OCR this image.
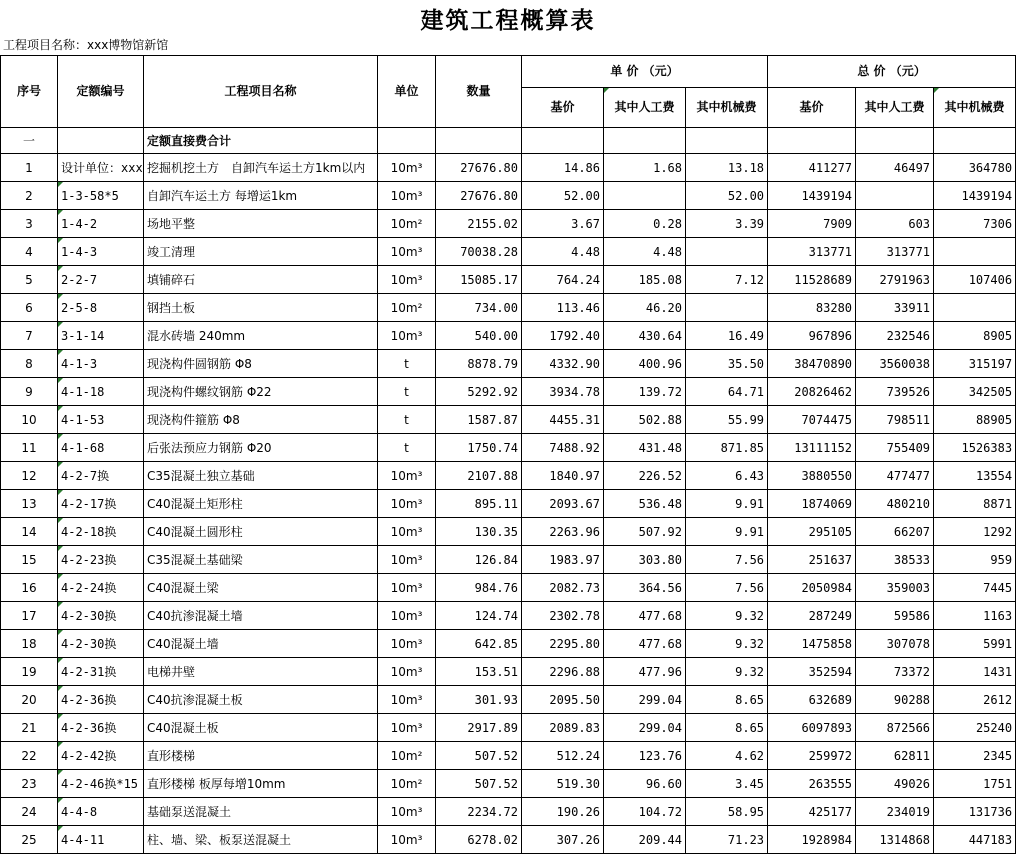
建筑工程概算表
工程项目名称：xxx博物馆新馆
序号	定额编号	工程项目名称	单位	数量	单 价 （元）			总 价 （元）		
					基价	其中人工费	其中机械费	基价	其中人工费	其中机械费
一		定额直接费合计								
1	设计单位：xxx	挖掘机挖土方　自卸汽车运土方1km以内	10m³	27676.80	14.86	1.68	13.18	411277	46497	364780
2	1-3-58*5	自卸汽车运土方 每增运1km	10m³	27676.80	52.00		52.00	1439194		1439194
3	1-4-2	场地平整	10m²	2155.02	3.67	0.28	3.39	7909	603	7306
4	1-4-3	竣工清理	10m³	70038.28	4.48	4.48		313771	313771	
5	2-2-7	填铺碎石	10m³	15085.17	764.24	185.08	7.12	11528689	2791963	107406
6	2-5-8	钢挡土板	10m²	734.00	113.46	46.20		83280	33911	
7	3-1-14	混水砖墙 240mm	10m³	540.00	1792.40	430.64	16.49	967896	232546	8905
8	4-1-3	现浇构件圆钢筋 Φ8	t	8878.79	4332.90	400.96	35.50	38470890	3560038	315197
9	4-1-18	现浇构件螺纹钢筋 Φ22	t	5292.92	3934.78	139.72	64.71	20826462	739526	342505
10	4-1-53	现浇构件箍筋 Φ8	t	1587.87	4455.31	502.88	55.99	7074475	798511	88905
11	4-1-68	后张法预应力钢筋 Φ20	t	1750.74	7488.92	431.48	871.85	13111152	755409	1526383
12	4-2-7换	C35混凝土独立基础	10m³	2107.88	1840.97	226.52	6.43	3880550	477477	13554
13	4-2-17换	C40混凝土矩形柱	10m³	895.11	2093.67	536.48	9.91	1874069	480210	8871
14	4-2-18换	C40混凝土圆形柱	10m³	130.35	2263.96	507.92	9.91	295105	66207	1292
15	4-2-23换	C35混凝土基础梁	10m³	126.84	1983.97	303.80	7.56	251637	38533	959
16	4-2-24换	C40混凝土梁	10m³	984.76	2082.73	364.56	7.56	2050984	359003	7445
17	4-2-30换	C40抗渗混凝土墙	10m³	124.74	2302.78	477.68	9.32	287249	59586	1163
18	4-2-30换	C40混凝土墙	10m³	642.85	2295.80	477.68	9.32	1475858	307078	5991
19	4-2-31换	电梯井壁	10m³	153.51	2296.88	477.96	9.32	352594	73372	1431
20	4-2-36换	C40抗渗混凝土板	10m³	301.93	2095.50	299.04	8.65	632689	90288	2612
21	4-2-36换	C40混凝土板	10m³	2917.89	2089.83	299.04	8.65	6097893	872566	25240
22	4-2-42换	直形楼梯	10m²	507.52	512.24	123.76	4.62	259972	62811	2345
23	4-2-46换*15	直形楼梯 板厚每增10mm	10m²	507.52	519.30	96.60	3.45	263555	49026	1751
24	4-4-8	基础泵送混凝土	10m³	2234.72	190.26	104.72	58.95	425177	234019	131736
25	4-4-11	柱、墙、梁、板泵送混凝土	10m³	6278.02	307.26	209.44	71.23	1928984	1314868	447183
